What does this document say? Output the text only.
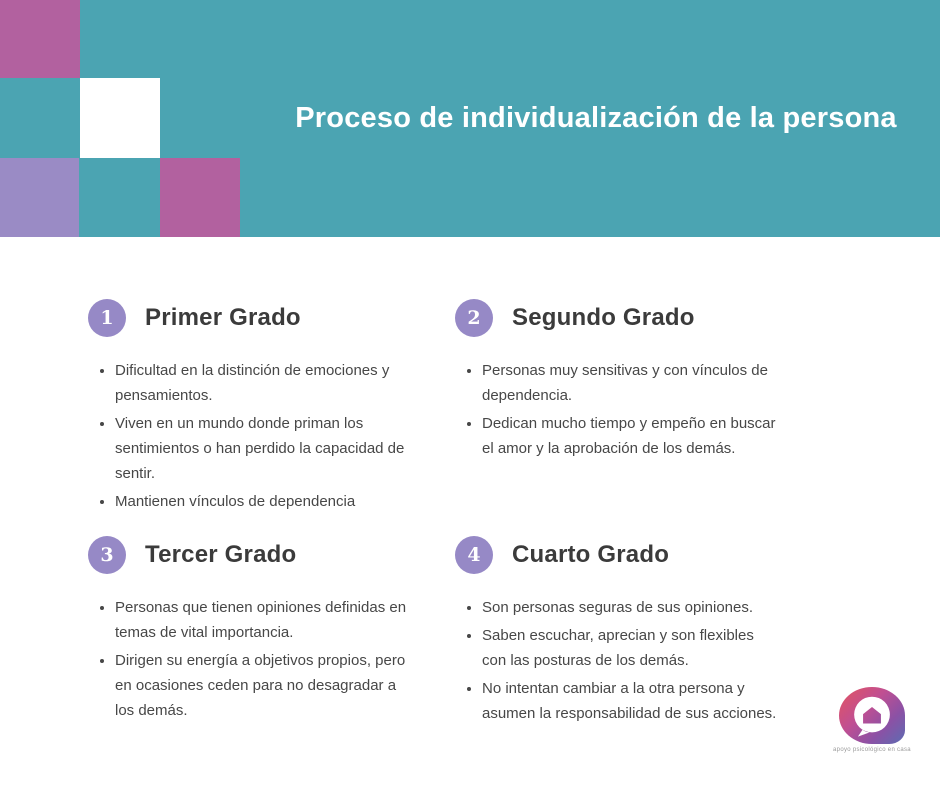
Proceso de individualización de la persona
1	Primer Grado
• Dificultad en la distinción de emociones y pensamientos.
• Viven en un mundo donde priman los sentimientos o han perdido la capacidad de sentir.
• Mantienen vínculos de dependencia
2	Segundo Grado
• Personas muy sensitivas y con vínculos de dependencia.
• Dedican mucho tiempo y empeño en buscar el amor y la aprobación de los demás.
3	Tercer Grado
• Personas que tienen opiniones definidas en temas de vital importancia.
• Dirigen su energía a objetivos propios, pero en ocasiones ceden para no desagradar a los demás.
4	Cuarto Grado
• Son personas seguras de sus opiniones.
• Saben escuchar, aprecian y son flexibles con las posturas de los demás.
• No intentan cambiar a la otra persona y asumen la responsabilidad de sus acciones.
apoyo psicológico en casa
